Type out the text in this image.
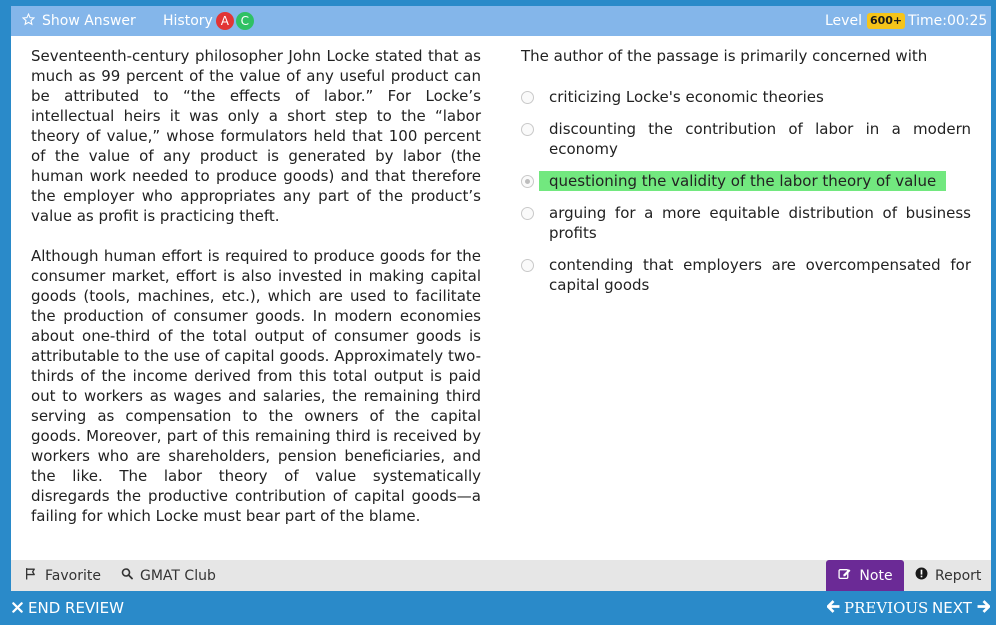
Show Answer History A C	Level 600+ Time:00:25

Seventeenth-century philosopher John Locke stated that as much as 99 percent of the value of any useful product can be attributed to “the effects of labor.” For Locke’s intellectual heirs it was only a short step to the “labor theory of value,” whose formulators held that 100 percent of the value of any product is generated by labor (the human work needed to produce goods) and that therefore the employer who appropriates any part of the product’s value as profit is practicing theft.

Although human effort is required to produce goods for the consumer market, effort is also invested in making capital goods (tools, machines, etc.), which are used to facilitate the production of consumer goods. In modern economies about one-third of the total output of consumer goods is attributable to the use of capital goods. Approximately two-thirds of the income derived from this total output is paid out to workers as wages and salaries, the remaining third serving as compensation to the owners of the capital goods. Moreover, part of this remaining third is received by workers who are shareholders, pension beneficiaries, and the like. The labor theory of value systematically disregards the productive contribution of capital goods—a failing for which Locke must bear part of the blame.

The author of the passage is primarily concerned with
criticizing Locke's economic theories
discounting the contribution of labor in a modern economy
questioning the validity of the labor theory of value
arguing for a more equitable distribution of business profits
contending that employers are overcompensated for capital goods
Favorite	GMAT Club	Note	Report
END REVIEW	PREVIOUS NEXT
